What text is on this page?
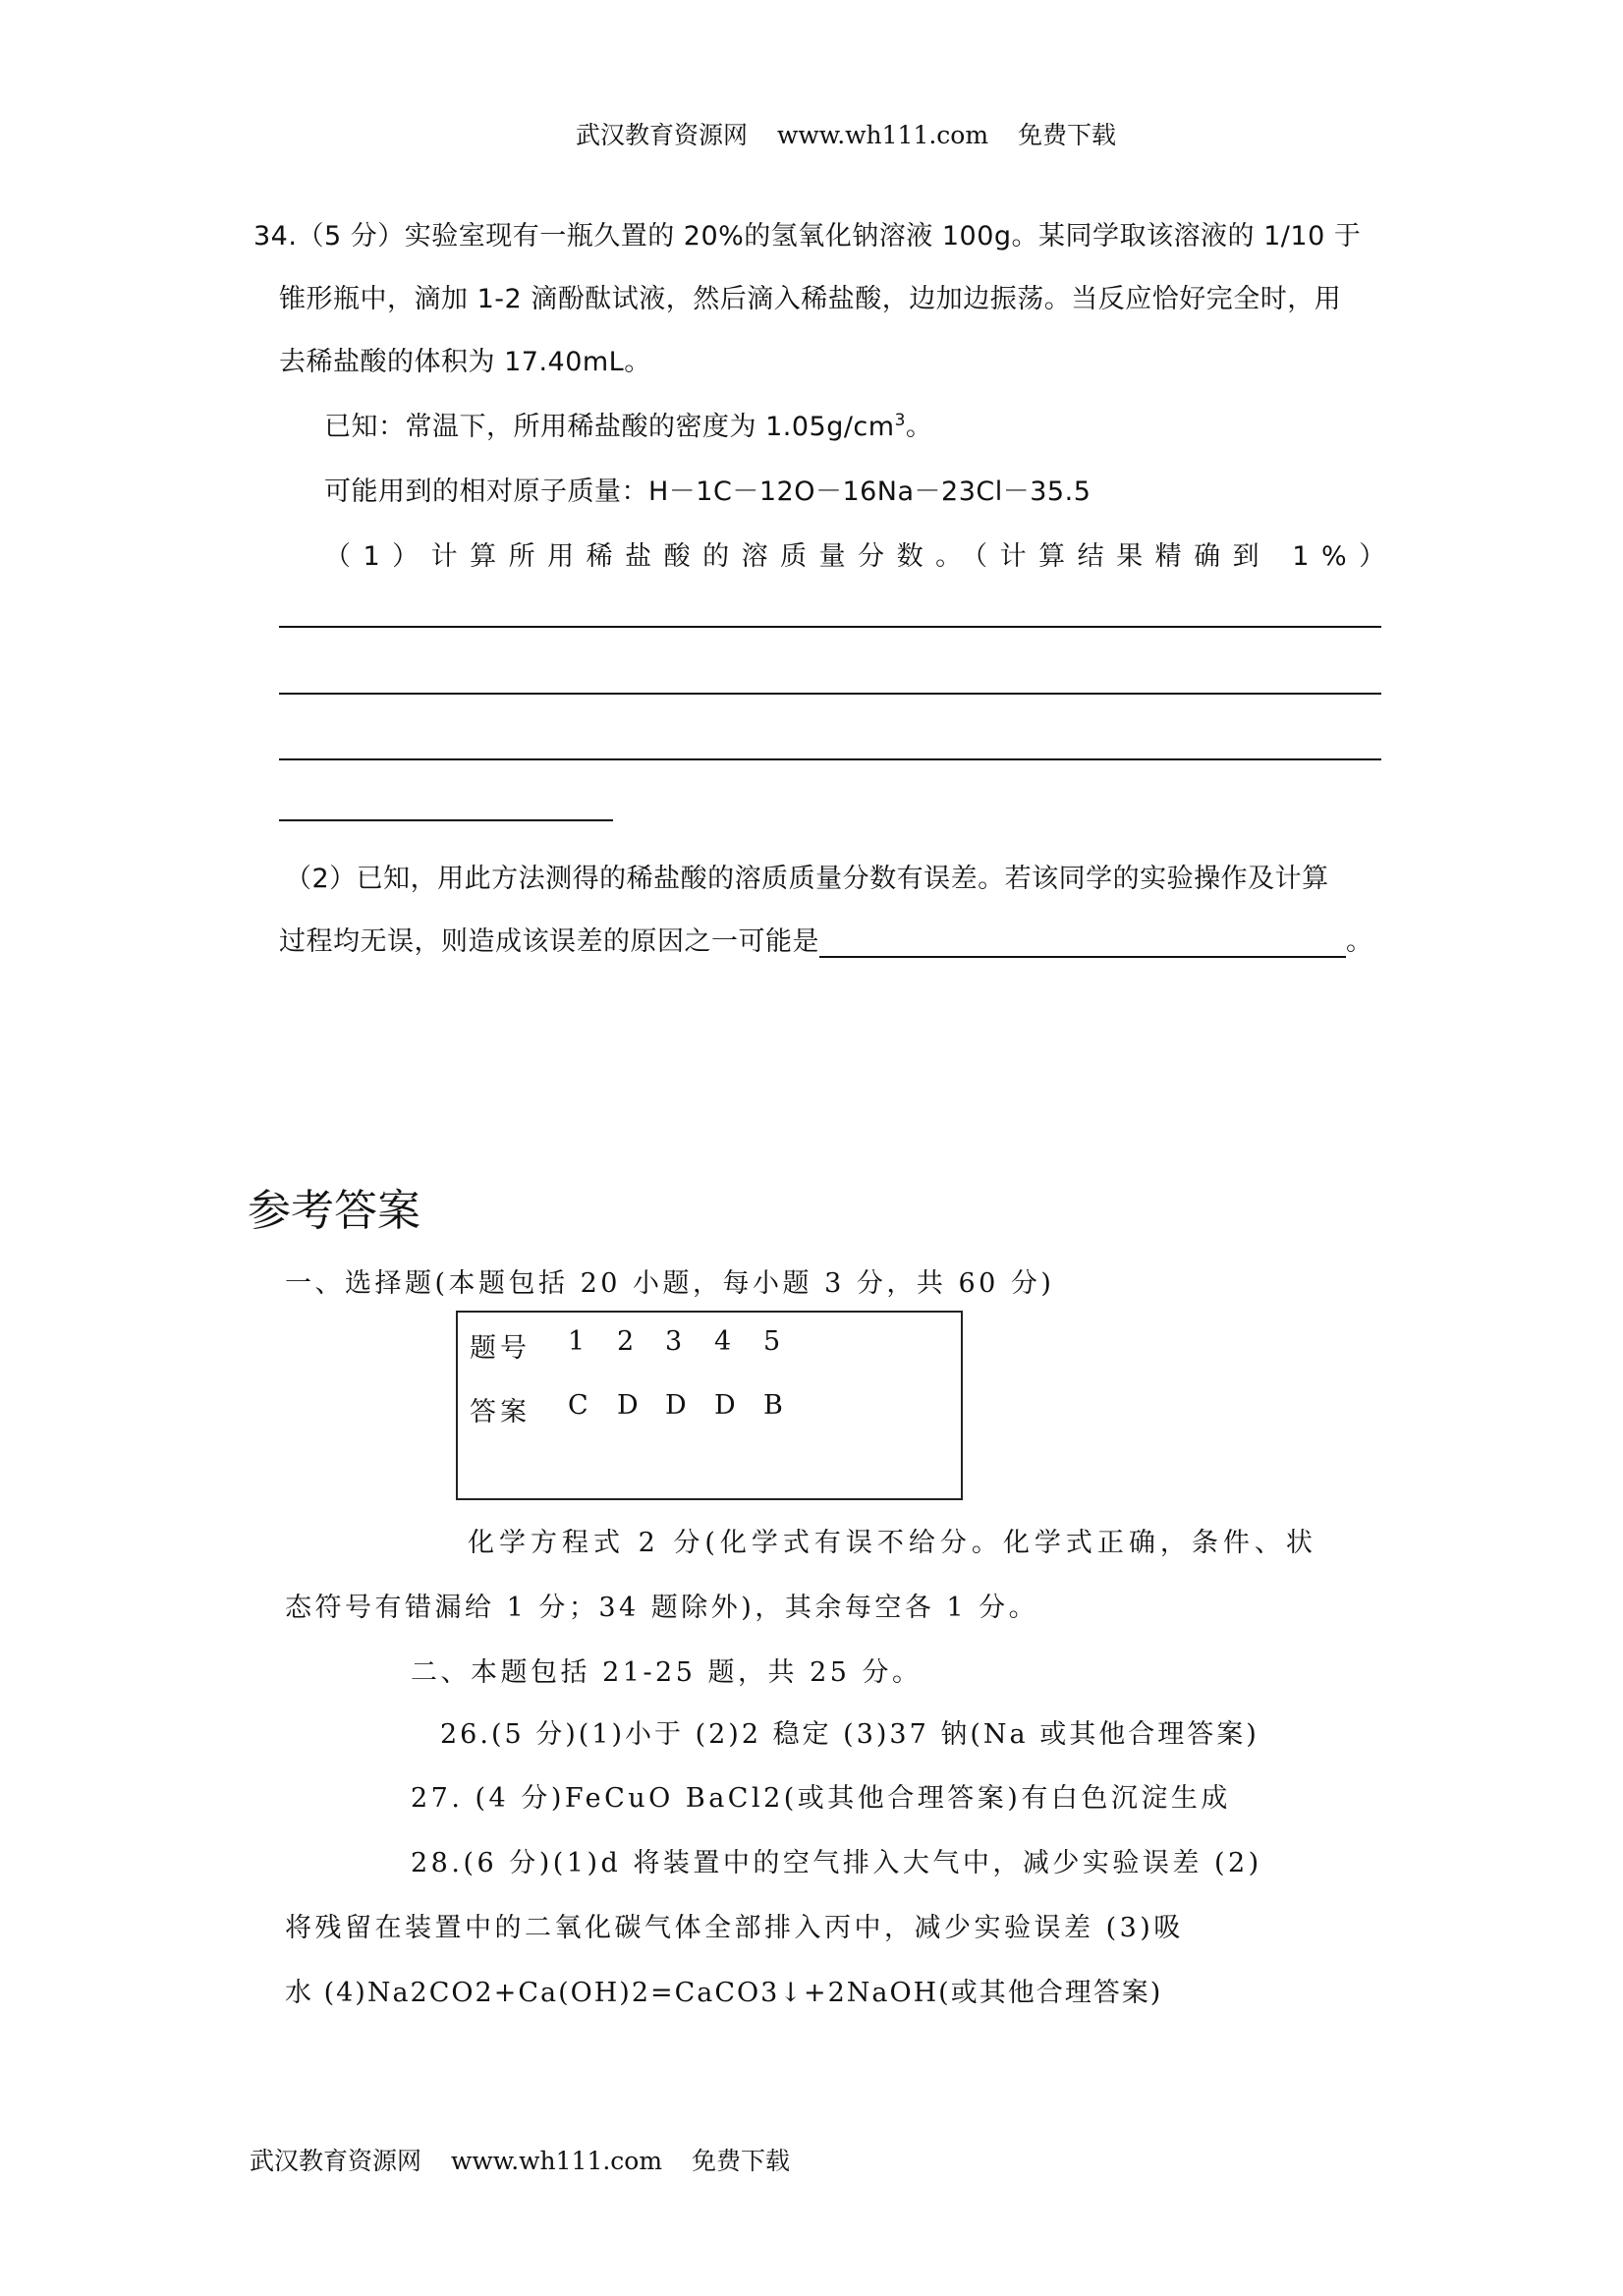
武汉教育资源网 www.wh111.com 免费下载
34.（5 分）实验室现有一瓶久置的 20%的氢氧化钠溶液 100g。某同学取该溶液的 1/10 于
锥形瓶中，滴加 1-2 滴酚酞试液，然后滴入稀盐酸，边加边振荡。当反应恰好完全时，用
去稀盐酸的体积为 17.40mL。
已知：常温下，所用稀盐酸的密度为 $1.05g/cm^3$。
可能用到的相对原子质量：H－1C－12O－16Na－23Cl－35.5
（1）计算所用稀盐酸的溶质量分数。（计算结果精确到 1%）
（2）已知，用此方法测得的稀盐酸的溶质质量分数有误差。若该同学的实验操作及计算
过程均无误，则造成该误差的原因之一可能是	。
参考答案
一、选择题(本题包括 20 小题，每小题 3 分，共 60 分)
题号 1 2 3 4 5
答案 C D D D B
化学方程式 2 分(化学式有误不给分。化学式正确，条件、状
态符号有错漏给 1 分；34 题除外)，其余每空各 1 分。
二、本题包括 21-25 题，共 25 分。
26.(5 分)(1)小于 (2)2 稳定 (3)37 钠(Na 或其他合理答案)
27. (4 分)FeCuO BaCl2(或其他合理答案)有白色沉淀生成
28.(6 分)(1)d 将装置中的空气排入大气中，减少实验误差 (2)
将残留在装置中的二氧化碳气体全部排入丙中，减少实验误差 (3)吸
水 (4)Na2CO2+Ca(OH)2=CaCO3↓+2NaOH(或其他合理答案)
武汉教育资源网 www.wh111.com 免费下载
